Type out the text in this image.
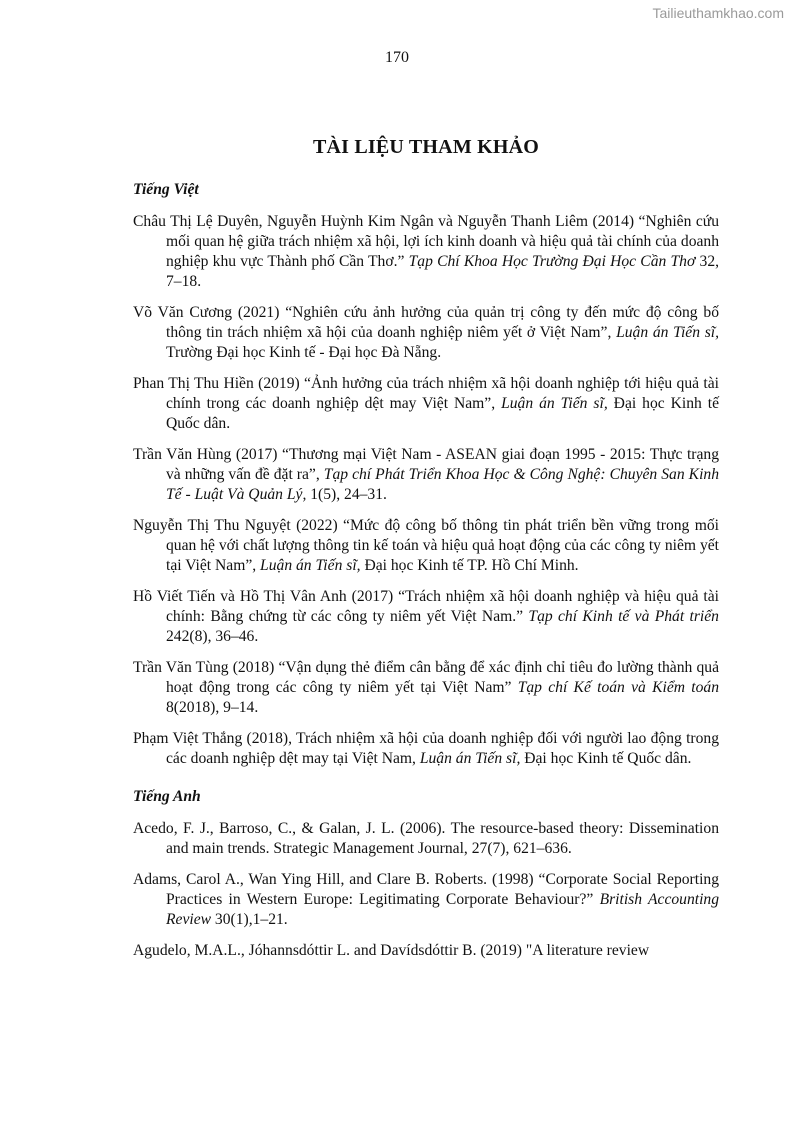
Tailieuthamkhao.com
170
TÀI LIỆU THAM KHẢO
Tiếng Việt

Châu Thị Lệ Duyên, Nguyễn Huỳnh Kim Ngân và Nguyễn Thanh Liêm (2014) “Nghiên cứu mối quan hệ giữa trách nhiệm xã hội, lợi ích kinh doanh và hiệu quả tài chính của doanh nghiệp khu vực Thành phố Cần Thơ.” Tạp Chí Khoa Học Trường Đại Học Cần Thơ 32, 7–18.

Võ Văn Cương (2021) “Nghiên cứu ảnh hưởng của quản trị công ty đến mức độ công bố thông tin trách nhiệm xã hội của doanh nghiệp niêm yết ở Việt Nam”, Luận án Tiến sĩ, Trường Đại học Kinh tế - Đại học Đà Nẵng.

Phan Thị Thu Hiền (2019) “Ảnh hưởng của trách nhiệm xã hội doanh nghiệp tới hiệu quả tài chính trong các doanh nghiệp dệt may Việt Nam”, Luận án Tiến sĩ, Đại học Kinh tế Quốc dân.

Trần Văn Hùng (2017) “Thương mại Việt Nam - ASEAN giai đoạn 1995 - 2015: Thực trạng và những vấn đề đặt ra”, Tạp chí Phát Triển Khoa Học & Công Nghệ: Chuyên San Kinh Tế - Luật Và Quản Lý, 1(5), 24–31.

Nguyễn Thị Thu Nguyệt (2022) “Mức độ công bố thông tin phát triển bền vững trong mối quan hệ với chất lượng thông tin kế toán và hiệu quả hoạt động của các công ty niêm yết tại Việt Nam”, Luận án Tiến sĩ, Đại học Kinh tế TP. Hồ Chí Minh.

Hồ Viết Tiến và Hồ Thị Vân Anh (2017) “Trách nhiệm xã hội doanh nghiệp và hiệu quả tài chính: Bằng chứng từ các công ty niêm yết Việt Nam.” Tạp chí Kinh tế và Phát triển 242(8), 36–46.

Trần Văn Tùng (2018) “Vận dụng thẻ điểm cân bằng để xác định chỉ tiêu đo lường thành quả hoạt động trong các công ty niêm yết tại Việt Nam” Tạp chí Kế toán và Kiểm toán 8(2018), 9–14.

Phạm Việt Thắng (2018), Trách nhiệm xã hội của doanh nghiệp đối với người lao động trong các doanh nghiệp dệt may tại Việt Nam, Luận án Tiến sĩ, Đại học Kinh tế Quốc dân.

Tiếng Anh

Acedo, F. J., Barroso, C., & Galan, J. L. (2006). The resource-based theory: Dissemination and main trends. Strategic Management Journal, 27(7), 621–636.

Adams, Carol A., Wan Ying Hill, and Clare B. Roberts. (1998) “Corporate Social Reporting Practices in Western Europe: Legitimating Corporate Behaviour?” British Accounting Review 30(1),1–21.

Agudelo, M.A.L., Jóhannsdóttir L. and Davídsdóttir B. (2019) "A literature review
